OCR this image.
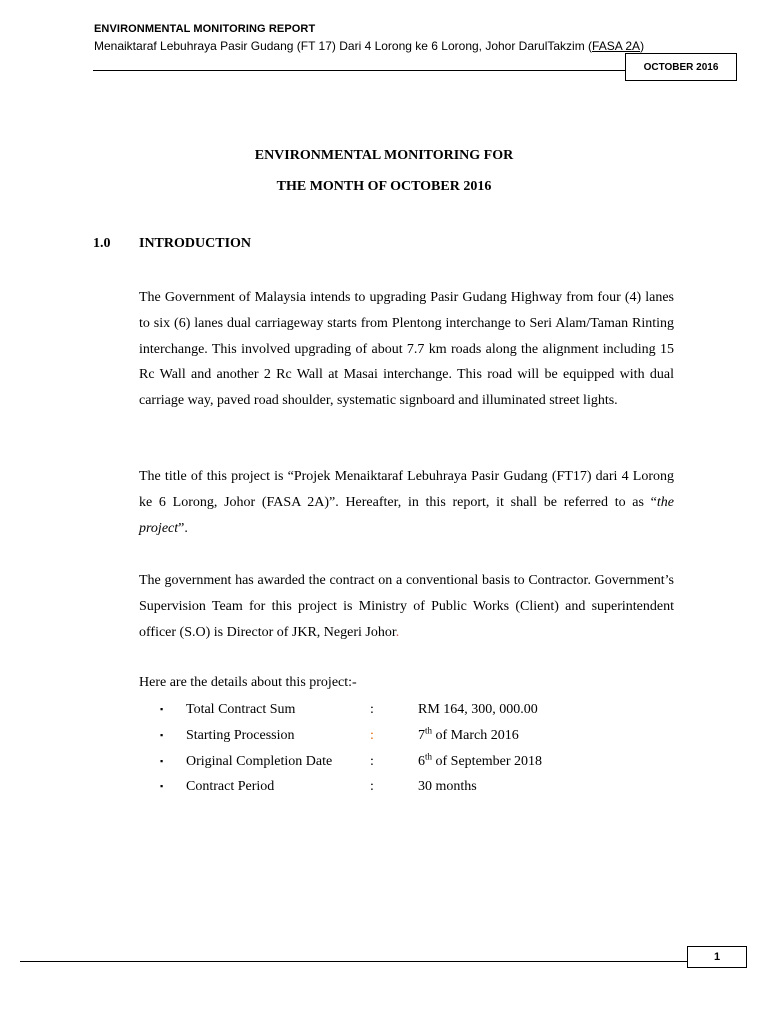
ENVIRONMENTAL MONITORING REPORT
Menaiktaraf Lebuhraya Pasir Gudang (FT 17) Dari 4 Lorong ke 6 Lorong, Johor DarulTakzim (FASA 2A)
OCTOBER 2016
ENVIRONMENTAL MONITORING FOR
THE MONTH OF OCTOBER 2016
1.0 INTRODUCTION
The Government of Malaysia intends to upgrading Pasir Gudang Highway from four (4) lanes to six (6) lanes dual carriageway starts from Plentong interchange to Seri Alam/Taman Rinting interchange. This involved upgrading of about 7.7 km roads along the alignment including 15 Rc Wall and another 2 Rc Wall at Masai interchange. This road will be equipped with dual carriage way, paved road shoulder, systematic signboard and illuminated street lights.
The title of this project is “Projek Menaiktaraf Lebuhraya Pasir Gudang (FT17) dari 4 Lorong ke 6 Lorong, Johor (FASA 2A)”. Hereafter, in this report, it shall be referred to as “the project”.
The government has awarded the contract on a conventional basis to Contractor. Government’s Supervision Team for this project is Ministry of Public Works (Client) and superintendent officer (S.O) is Director of JKR, Negeri Johor.
Here are the details about this project:-
▪ Total Contract Sum	:	RM 164, 300, 000.00
▪ Starting Procession	:	7th of March 2016
▪ Original Completion Date	:	6th of September 2018
▪ Contract Period	:	30 months
1
